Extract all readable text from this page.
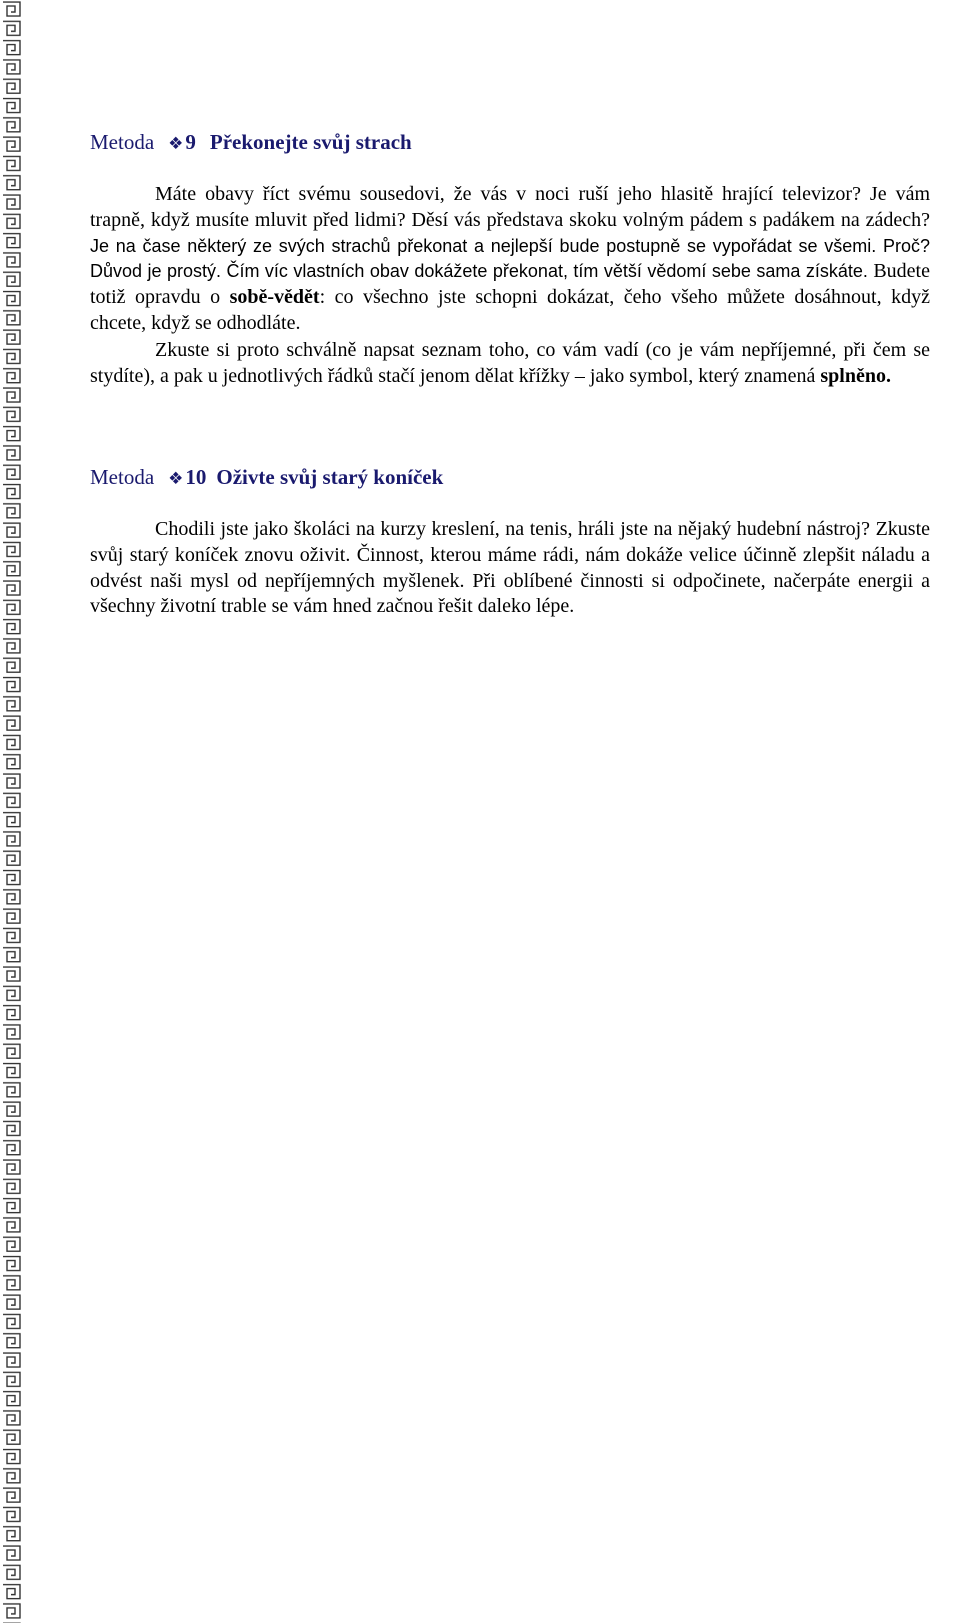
Metoda ❖9 Překonejte svůj strach

Máte obavy říct svému sousedovi, že vás v noci ruší jeho hlasitě hrající televizor? Je vám trapně, když musíte mluvit před lidmi? Děsí vás představa skoku volným pádem s padákem na zádech? Je na čase některý ze svých strachů překonat a nejlepší bude postupně se vypořádat se všemi. Proč? Důvod je prostý. Čím víc vlastních obav dokážete překonat, tím větší vědomí sebe sama získáte. Budete totiž opravdu o sobě-vědět: co všechno jste schopni dokázat, čeho všeho můžete dosáhnout, když chcete, když se odhodláte.

Zkuste si proto schválně napsat seznam toho, co vám vadí (co je vám nepříjemné, při čem se stydíte), a pak u jednotlivých řádků stačí jenom dělat křížky – jako symbol, který znamená splněno.

Metoda ❖10 Oživte svůj starý koníček

Chodili jste jako školáci na kurzy kreslení, na tenis, hráli jste na nějaký hudební nástroj? Zkuste svůj starý koníček znovu oživit. Činnost, kterou máme rádi, nám dokáže velice účinně zlepšit náladu a odvést naši mysl od nepříjemných myšlenek. Při oblíbené činnosti si odpočinete, načerpáte energii a všechny životní trable se vám hned začnou řešit daleko lépe.
